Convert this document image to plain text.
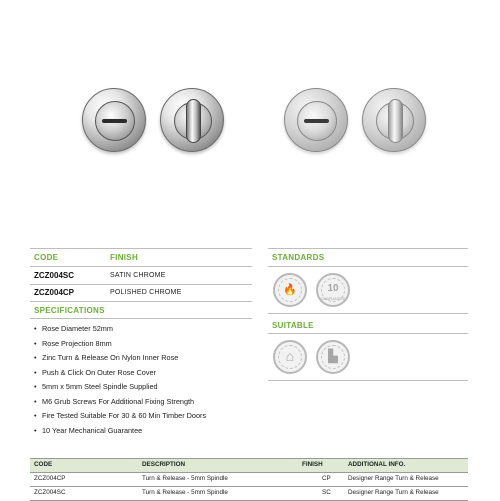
CODE	FINISH
ZCZ004SC	SATIN CHROME
ZCZ004CP	POLISHED CHROME
SPECIFICATIONS
• Rose Diameter 52mm
• Rose Projection 8mm
• Zinc Turn & Release On Nylon Inner Rose
• Push & Click On Outer Rose Cover
• 5mm x 5mm Steel Spindle Supplied
• M6 Grub Screws For Additional Fixing Strength
• Fire Tested Suitable For 30 & 60 Min Timber Doors
• 10 Year Mechanical Guarantee
STANDARDS
🔥	10
GUARANTEE
SUITABLE
⌂	▙
CODE	DESCRIPTION	FINISH	ADDITIONAL INFO.
ZCZ004CP	Turn & Release - 5mm Spindle	CP	Designer Range Turn & Release
ZCZ004SC	Turn & Release - 5mm Spindle	SC	Designer Range Turn & Release
